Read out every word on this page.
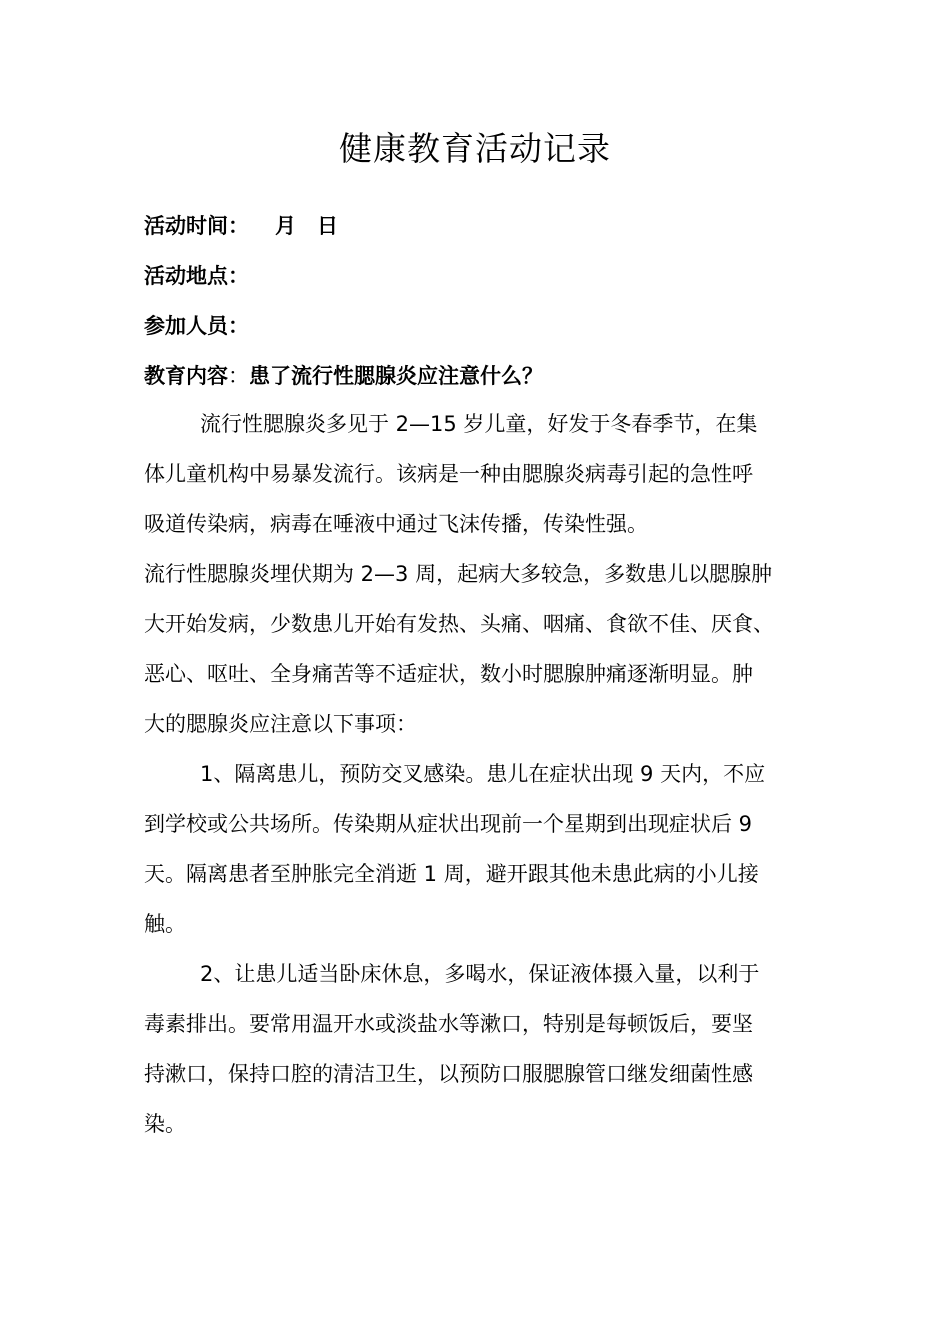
健康教育活动记录
活动时间： 月　日
活动地点：
参加人员：
教育内容：患了流行性腮腺炎应注意什么？
流行性腮腺炎多见于 2—15 岁儿童，好发于冬春季节，在集
体儿童机构中易暴发流行。该病是一种由腮腺炎病毒引起的急性呼
吸道传染病，病毒在唾液中通过飞沫传播，传染性强。
流行性腮腺炎埋伏期为 2—3 周，起病大多较急，多数患儿以腮腺肿
大开始发病，少数患儿开始有发热、头痛、咽痛、食欲不佳、厌食、
恶心、呕吐、全身痛苦等不适症状，数小时腮腺肿痛逐渐明显。肿
大的腮腺炎应注意以下事项：
1、隔离患儿，预防交叉感染。患儿在症状出现 9 天内，不应
到学校或公共场所。传染期从症状出现前一个星期到出现症状后 9
天。隔离患者至肿胀完全消逝 1 周，避开跟其他未患此病的小儿接
触。
2、让患儿适当卧床休息，多喝水，保证液体摄入量，以利于
毒素排出。要常用温开水或淡盐水等漱口，特别是每顿饭后，要坚
持漱口，保持口腔的清洁卫生，以预防口服腮腺管口继发细菌性感
染。
